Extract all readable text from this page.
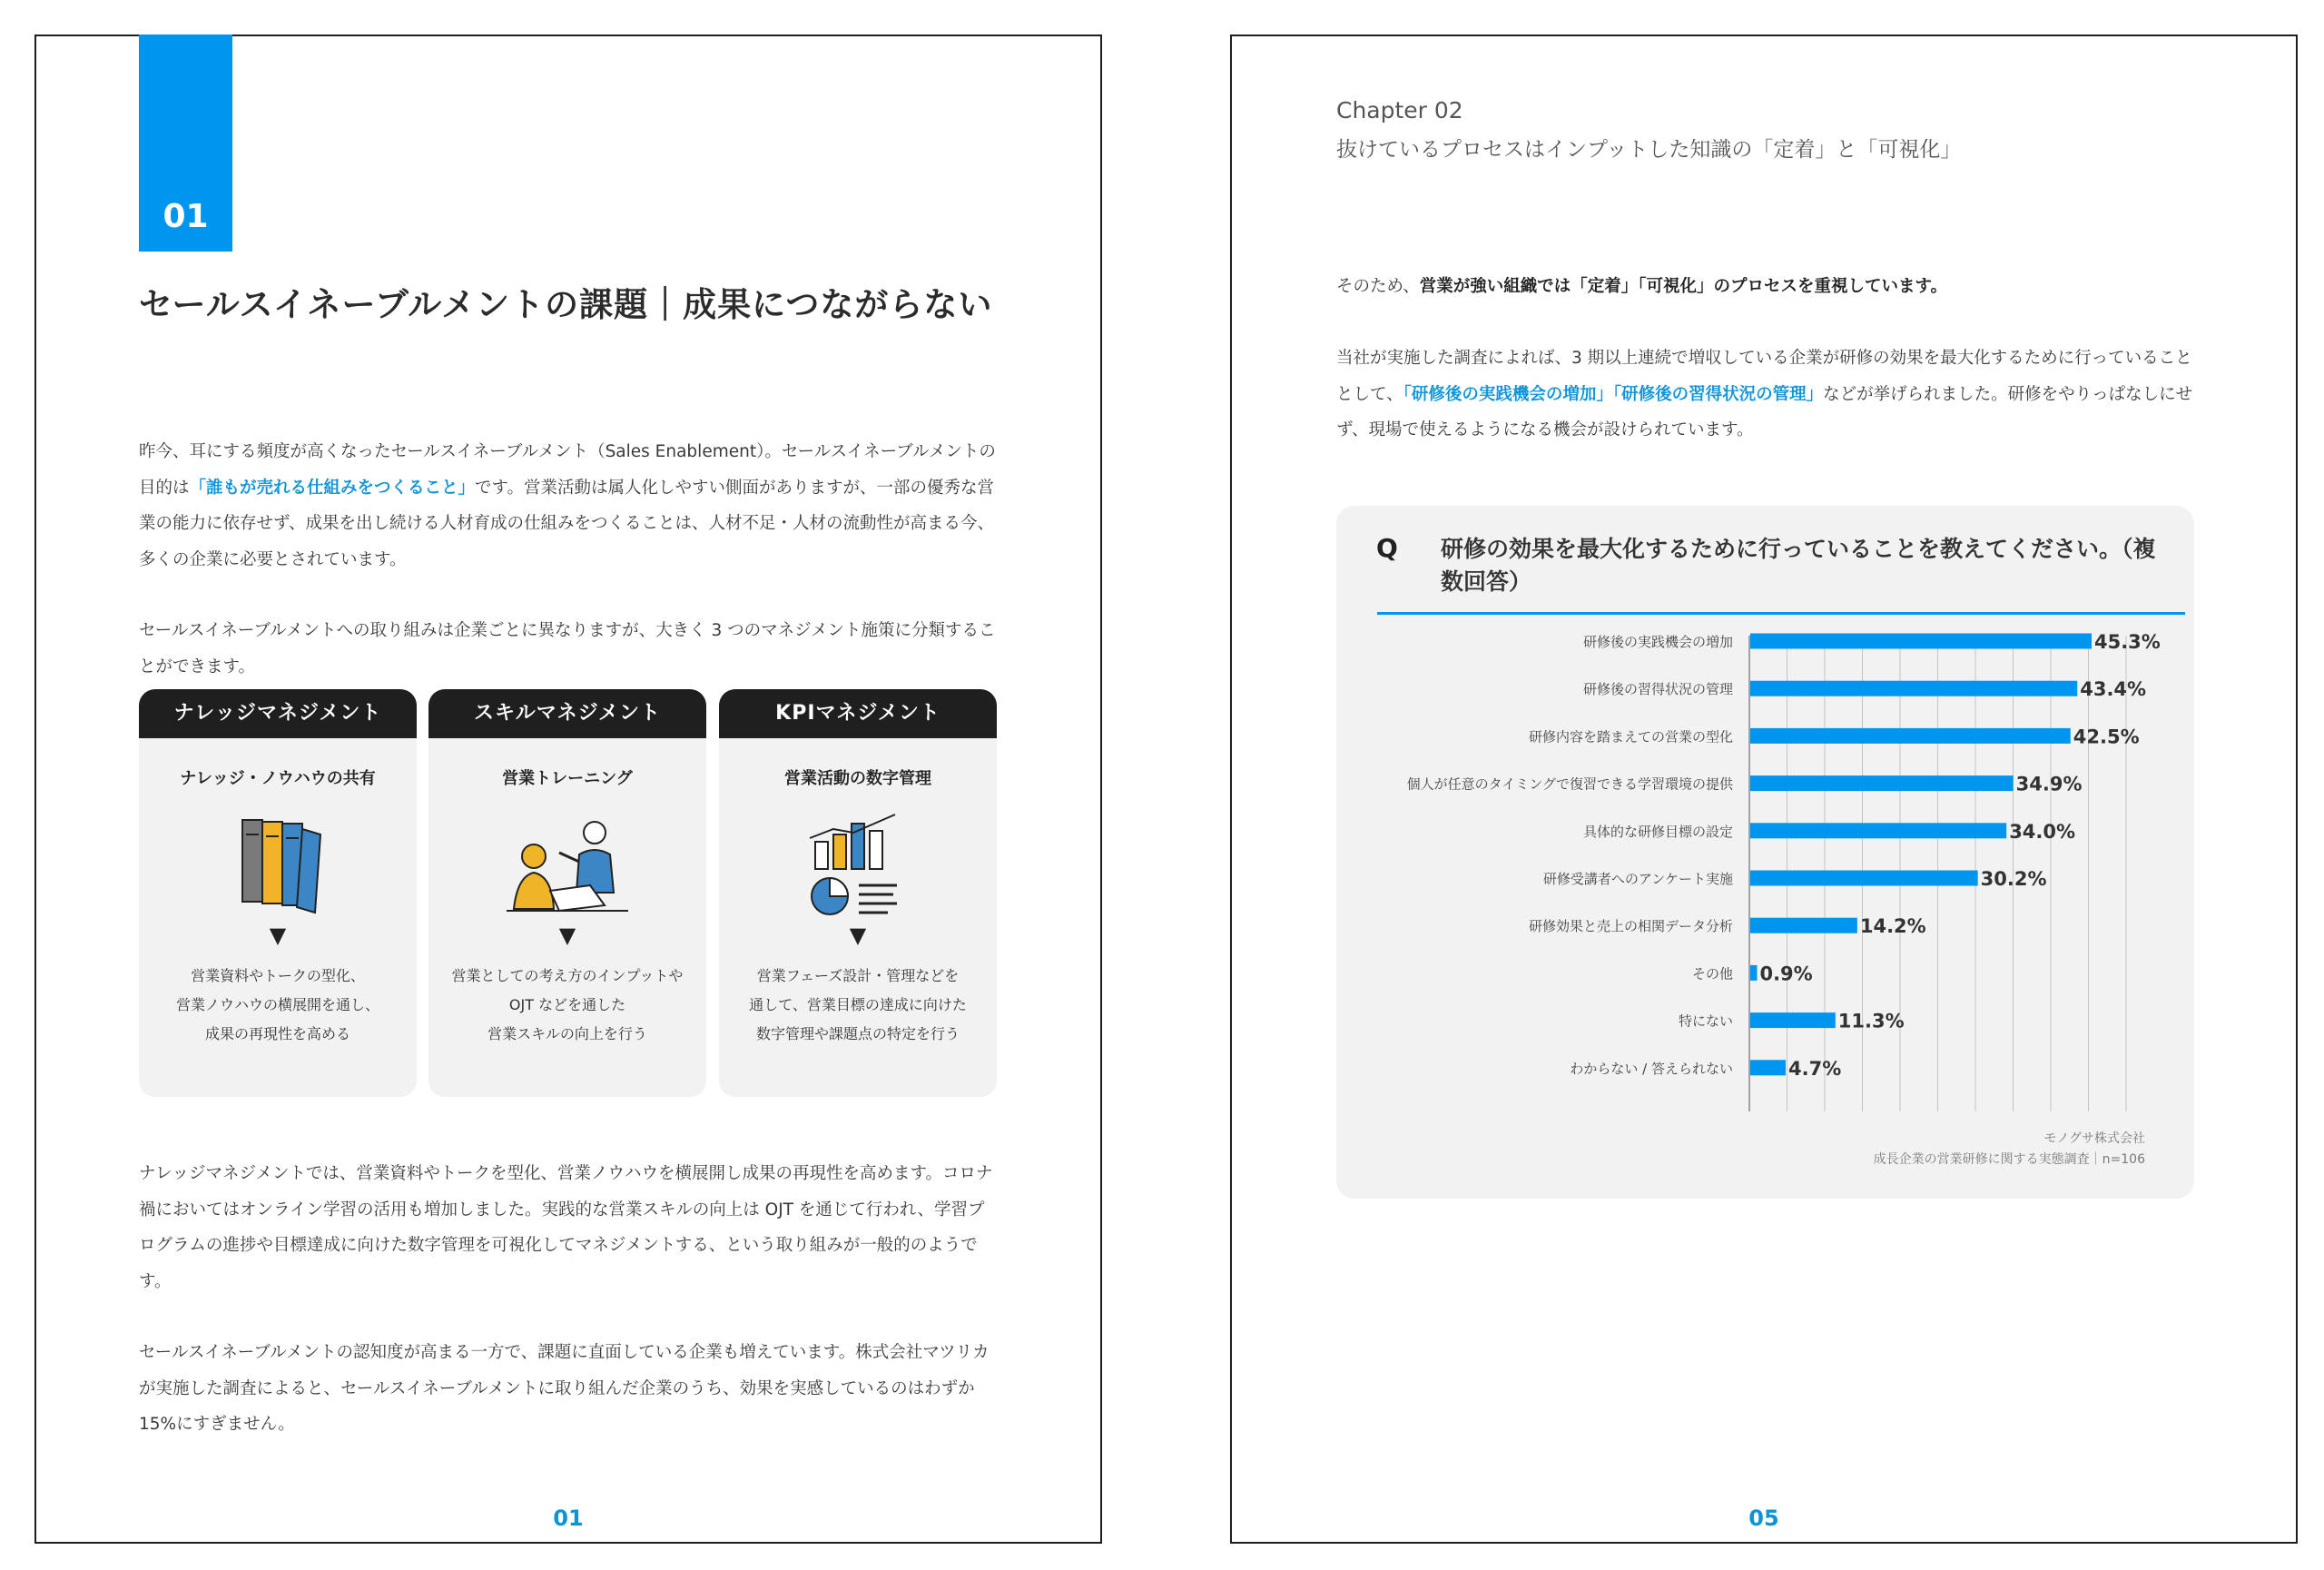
01
セールスイネーブルメントの課題｜成果につながらない

昨今、耳にする頻度が高くなったセールスイネーブルメント（Sales Enablement）。セールスイネーブルメントの目的は「誰もが売れる仕組みをつくること」です。営業活動は属人化しやすい側面がありますが、一部の優秀な営業の能力に依存せず、成果を出し続ける人材育成の仕組みをつくることは、人材不足・人材の流動性が高まる今、多くの企業に必要とされています。

セールスイネーブルメントへの取り組みは企業ごとに異なりますが、大きく 3 つのマネジメント施策に分類することができます。

ナレッジマネジメント
ナレッジ・ノウハウの共有
▼
営業資料やトークの型化、
営業ノウハウの横展開を通し、
成果の再現性を高める
スキルマネジメント
営業トレーニング
▼
営業としての考え方のインプットや
OJT などを通した
営業スキルの向上を行う
KPIマネジメント
営業活動の数字管理
▼
営業フェーズ設計・管理などを
通して、営業目標の達成に向けた
数字管理や課題点の特定を行う

ナレッジマネジメントでは、営業資料やトークを型化、営業ノウハウを横展開し成果の再現性を高めます。コロナ禍においてはオンライン学習の活用も増加しました。実践的な営業スキルの向上は OJT を通じて行われ、学習プログラムの進捗や目標達成に向けた数字管理を可視化してマネジメントする、という取り組みが一般的のようです。

セールスイネーブルメントの認知度が高まる一方で、課題に直面している企業も増えています。株式会社マツリカが実施した調査によると、セールスイネーブルメントに取り組んだ企業のうち、効果を実感しているのはわずか 15%にすぎません。

01
Chapter 02
抜けているプロセスはインプットした知識の「定着」と「可視化」

そのため、営業が強い組織では「定着」「可視化」のプロセスを重視しています。

当社が実施した調査によれば、3 期以上連続で増収している企業が研修の効果を最大化するために行っていることとして、「研修後の実践機会の増加」「研修後の習得状況の管理」などが挙げられました。研修をやりっぱなしにせず、現場で使えるようになる機会が設けられています。

Q 研修の効果を最大化するために行っていることを教えてください。（複数回答）
研修後の実践機会の増加	45.3%
研修後の習得状況の管理	43.4%
研修内容を踏まえての営業の型化	42.5%
個人が任意のタイミングで復習できる学習環境の提供	34.9%
具体的な研修目標の設定	34.0%
研修受講者へのアンケート実施	30.2%
研修効果と売上の相関データ分析	14.2%
その他 0.9%
特にない	11.3%
わからない / 答えられない	4.7%
モノグサ株式会社
成長企業の営業研修に関する実態調査｜n=106
05
